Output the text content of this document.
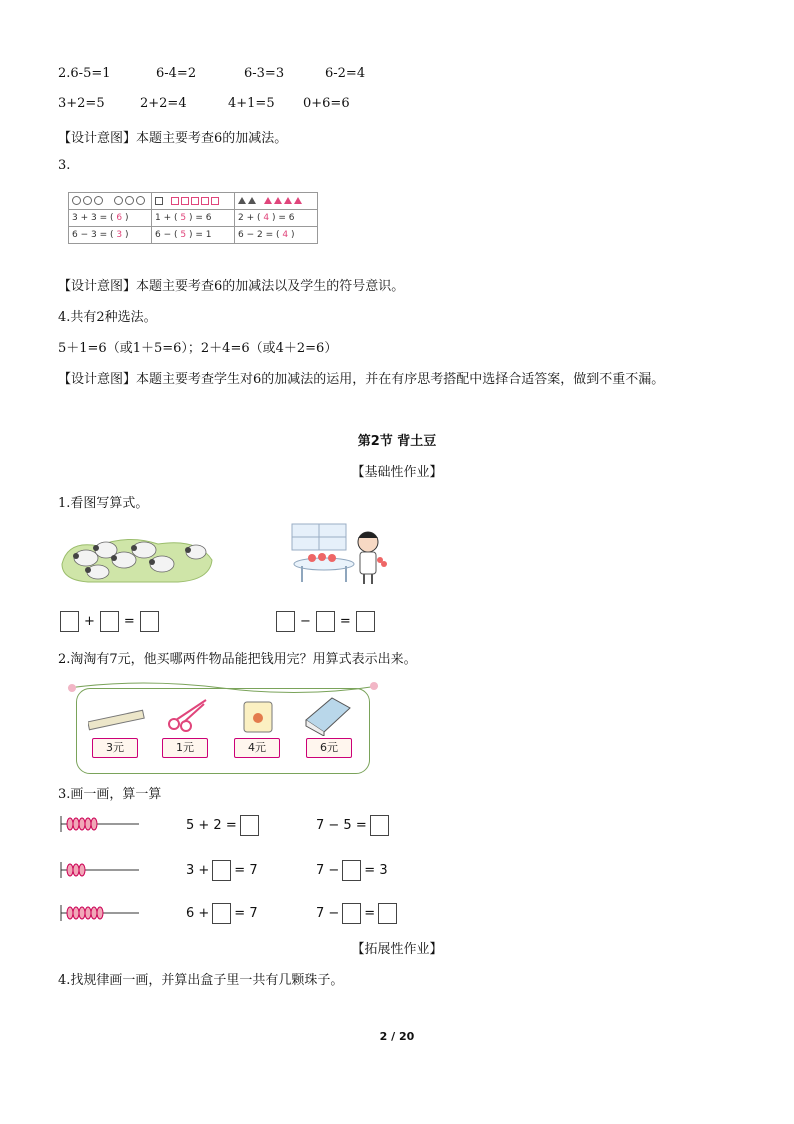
2.6-5=1	6-4=2	6-3=3	6-2=4
3+2=5	2+2=4	4+1=5 0+6=6
【设计意图】本题主要考查6的加减法。
3.

3 + 3 = ( 6 )	1 + ( 5 ) = 6	2 + ( 4 ) = 6
6 − 3 = ( 3 )	6 − ( 5 ) = 1	6 − 2 = ( 4 )
【设计意图】本题主要考查6的加减法以及学生的符号意识。
4.共有2种选法。
5＋1=6（或1＋5=6）；2＋4=6（或4＋2=6）
【设计意图】本题主要考查学生对6的加减法的运用，并在有序思考搭配中选择合适答案，做到不重不漏。
第2节 背土豆
【基础性作业】
1.看图写算式。
+ =	− =
2.淘淘有7元，他买哪两件物品能把钱用完？用算式表示出来。
3元	1元	4元	6元
3.画一画，算一算
5 + 2 =	7 − 5 =
3 + = 7	7 − = 3
6 + = 7	7 − =
【拓展性作业】
4.找规律画一画，并算出盒子里一共有几颗珠子。
2 / 20
